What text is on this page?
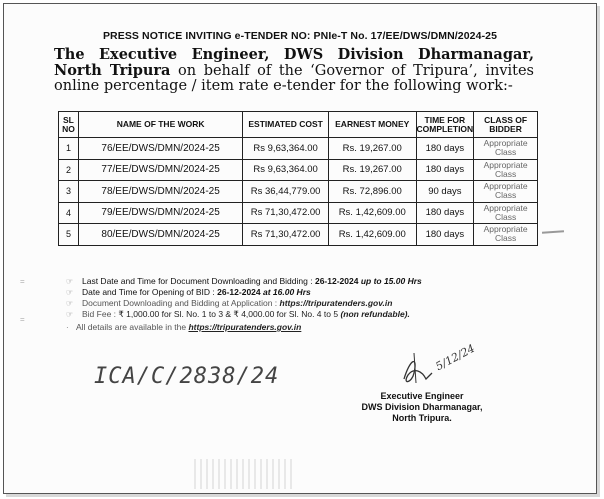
PRESS NOTICE INVITING e-TENDER NO: PNIe-T No. 17/EE/DWS/DMN/2024-25
The Executive Engineer, DWS Division Dharmanagar, North Tripura on behalf of the ‘Governor of Tripura’, invites online percentage / item rate e-tender for the following work:-
SL NO	NAME OF THE WORK	ESTIMATED COST	EARNEST MONEY	TIME FOR COMPLETION	CLASS OF BIDDER
1	76/EE/DWS/DMN/2024-25	Rs 9,63,364.00	Rs. 19,267.00	180 days	Appropriate Class
2	77/EE/DWS/DMN/2024-25	Rs 9,63,364.00	Rs. 19,267.00	180 days	Appropriate Class
3	78/EE/DWS/DMN/2024-25	Rs 36,44,779.00	Rs. 72,896.00	90 days	Appropriate Class
4	79/EE/DWS/DMN/2024-25	Rs 71,30,472.00	Rs. 1,42,609.00	180 days	Appropriate Class
5	80/EE/DWS/DMN/2024-25	Rs 71,30,472.00	Rs. 1,42,609.00	180 days	Appropriate Class
=
=
☞ Last Date and Time for Document Downloading and Bidding : 26-12-2024 up to 15.00 Hrs
☞ Date and Time for Opening of BID : 26-12-2024 at 16.00 Hrs
☞ Document Downloading and Bidding at Application : https://tripuratenders.gov.in
☞ Bid Fee : ₹ 1,000.00 for Sl. No. 1 to 3 & ₹ 4,000.00 for Sl. No. 4 to 5 (non refundable).
· All details are available in the https://tripuratenders.gov.in
ICA/C/2838/24
5/12/24
Executive Engineer
DWS Division Dharmanagar,
North Tripura.
